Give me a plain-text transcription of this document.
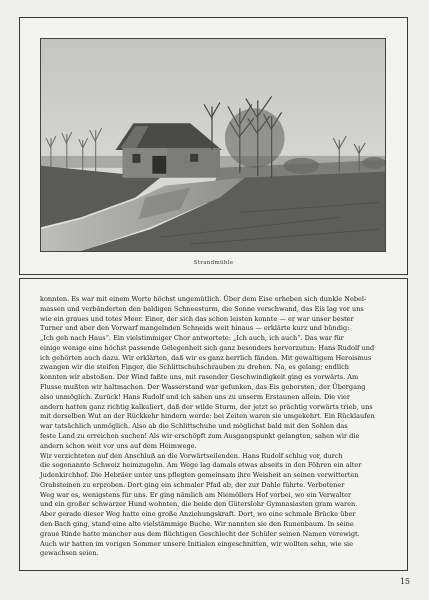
Strandmühle

konnten. Es war mit einem Worte höchst ungemütlich. Über dem Eise erheben sich dunkle Nebel-
massen und verbänderten den baldigen Schneesturm, die Sonne verschwand, das Eis lag vor uns
wie ein graues und totes Meer. Einer, der sich das schon leisten konnte — er war unser bester
Turner und aber den Vorwarf mangelnden Schneids weit hinaus — erklärte kurz und bündig:
„Ich geh nach Haus“. Ein vielstimmiger Chor antwortete: „Ich auch, ich auch“. Das war für
einige wenige eine höchst passende Gelegenheit sich ganz besonders hervorzutun: Hans Rudolf und
ich gehörten auch dazu. Wir erklärten, daß wir es ganz herrlich fänden. Mit gewaltigem Heroismus
zwangen wir die steifen Finger, die Schlittschuhschrauben zu drehen. Na, es gelang; endlich
konnten wir abstoßen. Der Wind faßte uns, mit rasender Geschwindigkeit ging es vorwärts. Am
Flusse mußten wir haltmachen. Der Wasserstand war gefunken, das Eis geborsten, der Übergang
also unmöglich. Zurück! Hans Rudolf und ich sahen uns zu unserm Erstaunen allein. Die vier
andern hatten ganz richtig kalkuliert, daß der wilde Sturm, der jetzt so prächtig vorwärts trieb, uns
mit derselben Wut an der Rückkehr hindern werde: bei Zeiten waren sie umgekehrt. Ein Rücklaufen
war tatsächlich unmöglich. Also ab die Schlittschuhe und möglichst bald mit den Sohlen das
feste Land zu erreichen suchen! Als wir erschöpft zum Ausgangspunkt gelangten, sahen wir die
andern schon weit vor uns auf dem Heimwege.
Wir verzichteten auf den Anschluß an die Vorwärtseilenden. Hans Rudolf schlug vor, durch
die sogenannte Schweiz heimzugehn. Am Wege lag damals etwas abseits in den Föhren ein alter
Judenkirchhof. Die Hebräer unter uns pflegten gemeinsam ihre Weisheit an seinen verwitterten
Grabsteinen zu erproben. Dort ging ein schmaler Pfad ab, der zur Dahle führte. Verbotener
Weg war es, wenigstens für uns. Er ging nämlich am Niemöllers Hof vorbei, wo ein Verwalter
und ein großer schwarzer Hund wohnten, die beide den Güterslohr Gymnasiasten gram waren.
Aber gerade dieser Weg hatte eine große Anziehungskraft. Dort, wo eine schmale Brücke über
den Bach ging, stand eine alte vielstämmige Buche. Wir nannten sie den Runenbaum. In seine
graue Rinde hatte mancher aus dem flüchtigen Geschlecht der Schüler seinen Namen verewigt.
Auch wir hatten im vorigen Sommer unsere Initialen eingeschnitten, wir wollten sehn, wie sie
gewachsen seien.

15
